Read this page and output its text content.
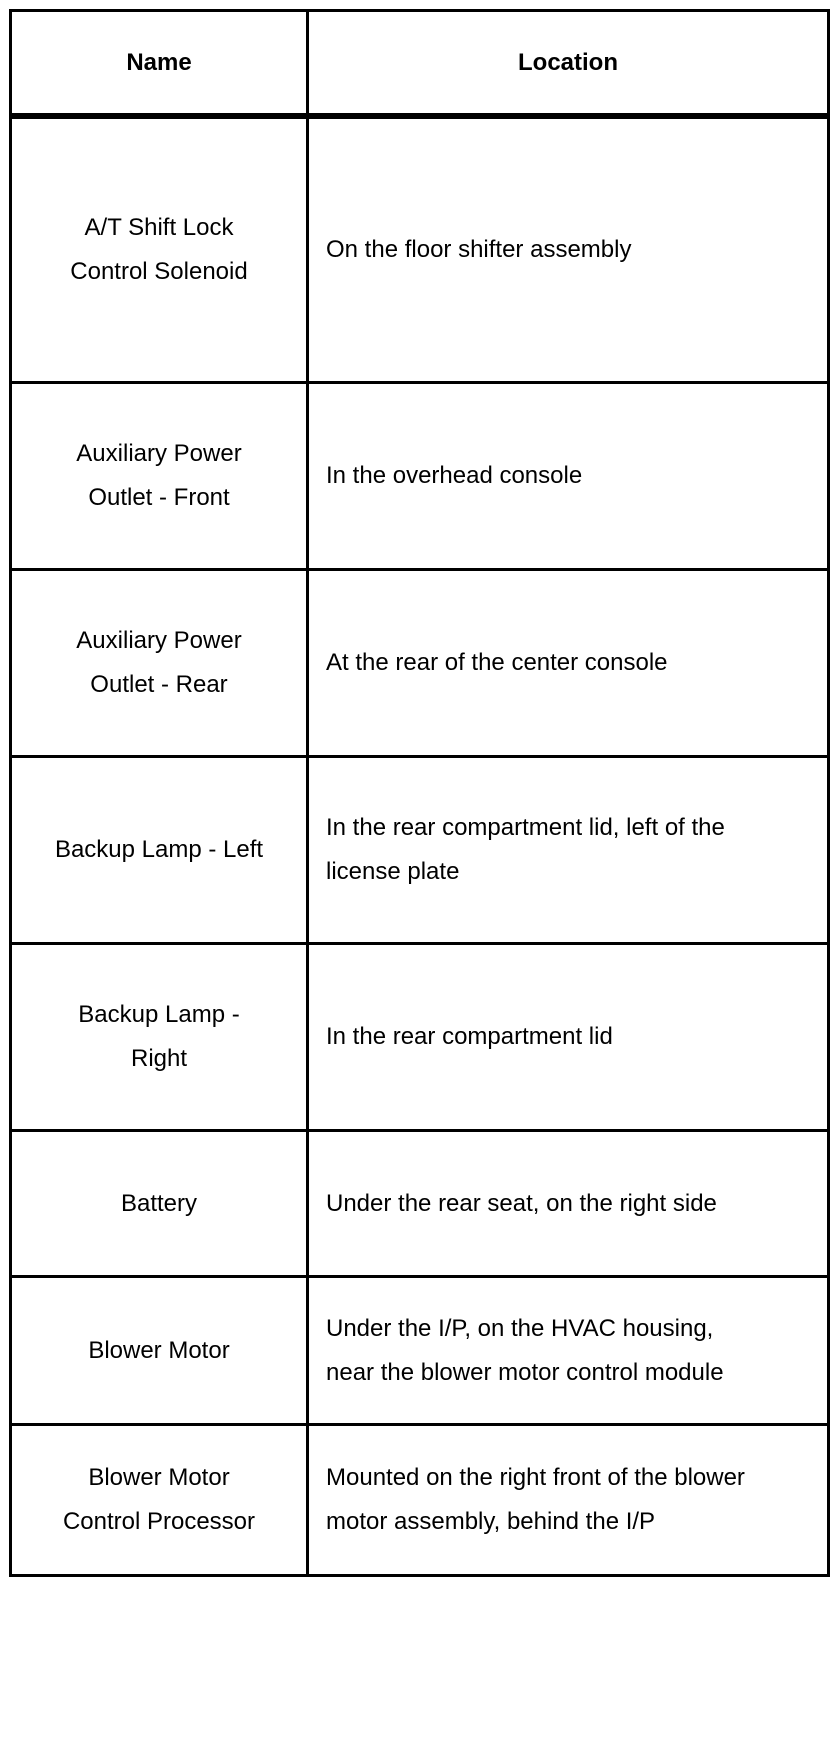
Name	Location
A/T Shift Lock Control Solenoid
On the floor shifter assembly
Auxiliary Power Outlet - Front
In the overhead console
Auxiliary Power Outlet - Rear
At the rear of the center console
Backup Lamp - Left
In the rear compartment lid, left of the license plate
Backup Lamp - Right
In the rear compartment lid
Battery	Under the rear seat, on the right side
Blower Motor
Under the I/P, on the HVAC housing, near the blower motor control module
Blower Motor Control Processor
Mounted on the right front of the blower motor assembly, behind the I/P
